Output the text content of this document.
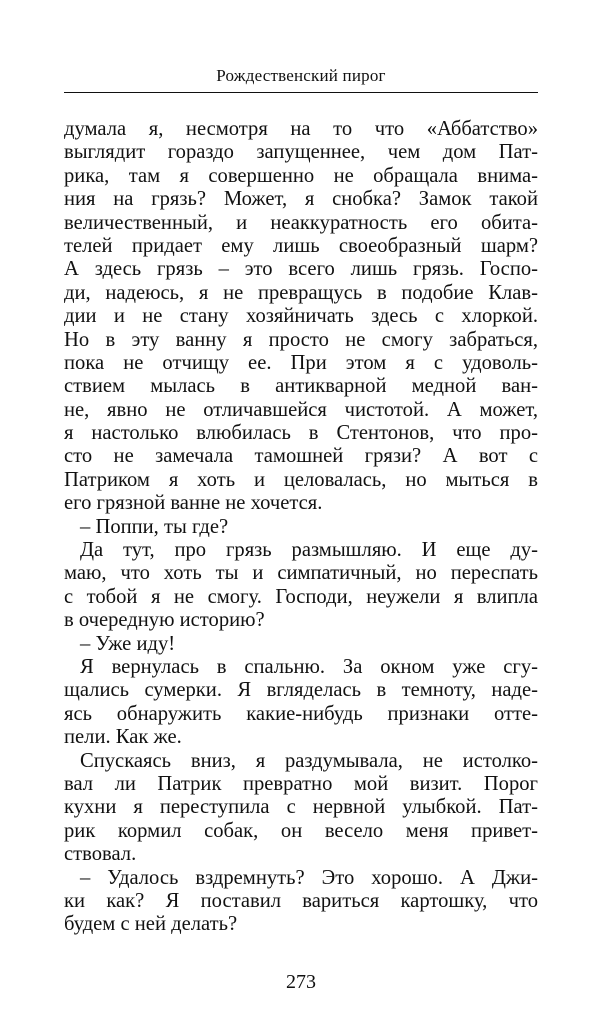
Рождественский пирог
думала я, несмотря на то что «Аббатство»
выглядит гораздо запущеннее, чем дом Пат-
рика, там я совершенно не обращала внима-
ния на грязь? Может, я снобка? Замок такой
величественный, и неаккуратность его обита-
телей придает ему лишь своеобразный шарм?
А здесь грязь – это всего лишь грязь. Госпо-
ди, надеюсь, я не превращусь в подобие Клав-
дии и не стану хозяйничать здесь с хлоркой.
Но в эту ванну я просто не смогу забраться,
пока не отчищу ее. При этом я с удоволь-
ствием мылась в антикварной медной ван-
не, явно не отличавшейся чистотой. А может,
я настолько влюбилась в Стентонов, что про-
сто не замечала тамошней грязи? А вот с
Патриком я хоть и целовалась, но мыться в
его грязной ванне не хочется.
– Поппи, ты где?
Да тут, про грязь размышляю. И еще ду-
маю, что хоть ты и симпатичный, но переспать
с тобой я не смогу. Господи, неужели я влипла
в очередную историю?
– Уже иду!
Я вернулась в спальню. За окном уже сгу-
щались сумерки. Я вгляделась в темноту, наде-
ясь обнаружить какие-нибудь признаки отте-
пели. Как же.
Спускаясь вниз, я раздумывала, не истолко-
вал ли Патрик превратно мой визит. Порог
кухни я переступила с нервной улыбкой. Пат-
рик кормил собак, он весело меня привет-
ствовал.
– Удалось вздремнуть? Это хорошо. А Джи-
ки как? Я поставил вариться картошку, что
будем с ней делать?
273
